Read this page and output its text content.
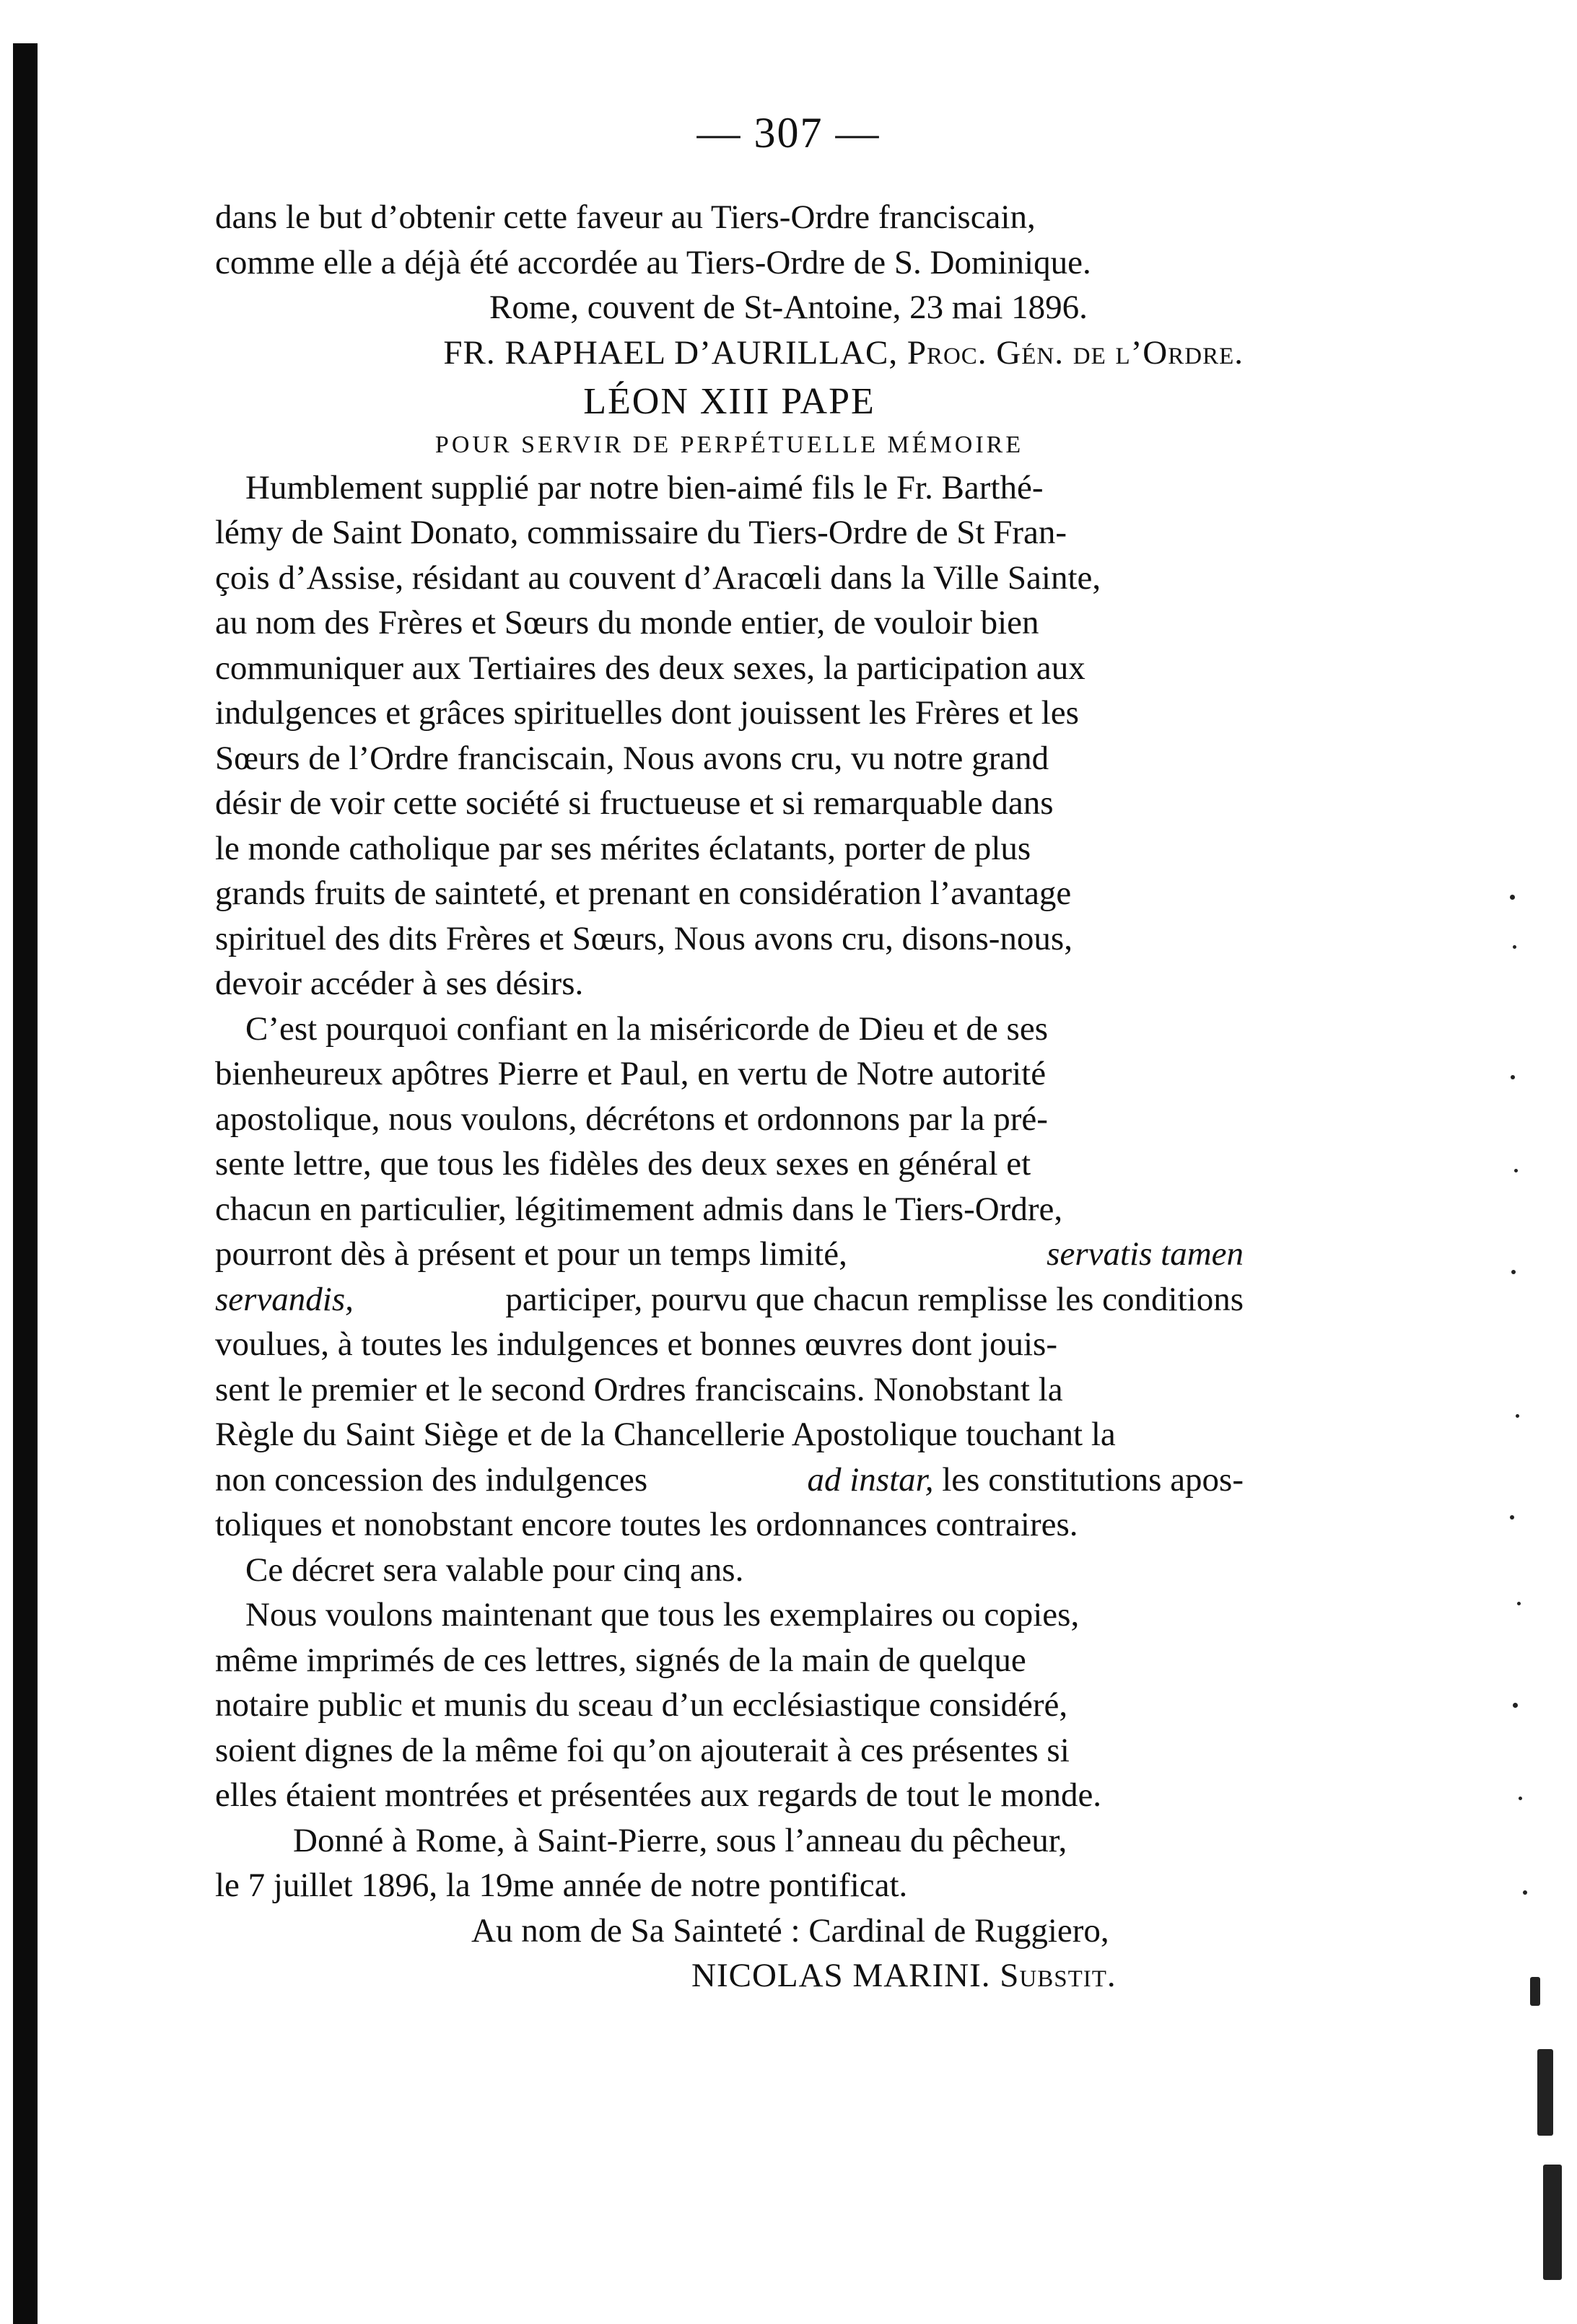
— 307 —
dans le but d’obtenir cette faveur au Tiers-Ordre franciscain,
comme elle a déjà été accordée au Tiers-Ordre de S. Dominique.
Rome, couvent de St-Antoine, 23 mai 1896.
FR. RAPHAEL D’AURILLAC, Proc. Gén. de l’Ordre.
LÉON XIII PAPE
POUR SERVIR DE PERPÉTUELLE MÉMOIRE
Humblement supplié par notre bien-aimé fils le Fr. Barthé-
lémy de Saint Donato, commissaire du Tiers-Ordre de St Fran-
çois d’Assise, résidant au couvent d’Aracœli dans la Ville Sainte,
au nom des Frères et Sœurs du monde entier, de vouloir bien
communiquer aux Tertiaires des deux sexes, la participation aux
indulgences et grâces spirituelles dont jouissent les Frères et les
Sœurs de l’Ordre franciscain, Nous avons cru, vu notre grand
désir de voir cette société si fructueuse et si remarquable dans
le monde catholique par ses mérites éclatants, porter de plus
grands fruits de sainteté, et prenant en considération l’avantage
spirituel des dits Frères et Sœurs, Nous avons cru, disons-nous,
devoir accéder à ses désirs.
C’est pourquoi confiant en la miséricorde de Dieu et de ses
bienheureux apôtres Pierre et Paul, en vertu de Notre autorité
apostolique, nous voulons, décrétons et ordonnons par la pré-
sente lettre, que tous les fidèles des deux sexes en général et
chacun en particulier, légitimement admis dans le Tiers-Ordre,
pourront dès à présent et pour un temps limité,	servatis tamen
servandis,	participer, pourvu que chacun remplisse les conditions
voulues, à toutes les indulgences et bonnes œuvres dont jouis-
sent le premier et le second Ordres franciscains. Nonobstant la
Règle du Saint Siège et de la Chancellerie Apostolique touchant la
non concession des indulgences	ad instar, les constitutions apos-
toliques et nonobstant encore toutes les ordonnances contraires.
Ce décret sera valable pour cinq ans.
Nous voulons maintenant que tous les exemplaires ou copies,
même imprimés de ces lettres, signés de la main de quelque
notaire public et munis du sceau d’un ecclésiastique considéré,
soient dignes de la même foi qu’on ajouterait à ces présentes si
elles étaient montrées et présentées aux regards de tout le monde.
Donné à Rome, à Saint-Pierre, sous l’anneau du pêcheur,
le 7 juillet 1896, la 19me année de notre pontificat.
Au nom de Sa Sainteté : Cardinal de Ruggiero,
NICOLAS MARINI. Substit.
